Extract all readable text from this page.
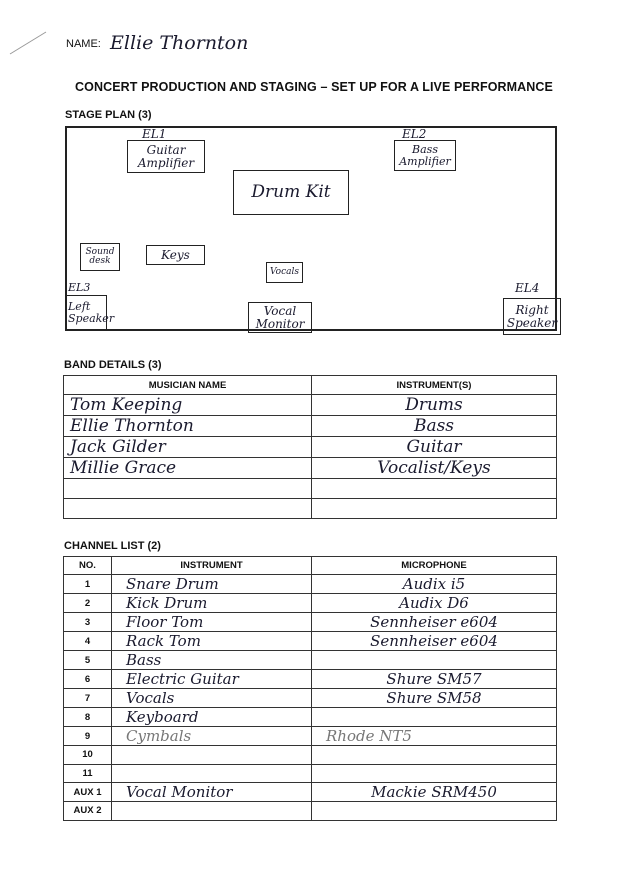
NAME: Ellie Thornton
CONCERT PRODUCTION AND STAGING – SET UP FOR A LIVE PERFORMANCE
STAGE PLAN (3)
EL1
Guitar Amplifier
EL2
Bass Amplifier
Drum Kit
Sound desk	Keys
Vocals
EL3
Left Speaker
Vocal Monitor
EL4
Right Speaker
BAND DETAILS (3)
MUSICIAN NAME	INSTRUMENT(S)
Tom Keeping	Drums
Ellie Thornton	Bass
Jack Gilder	Guitar
Millie Grace	Vocalist/Keys

CHANNEL LIST (2)
NO.	INSTRUMENT	MICROPHONE
1	Snare Drum	Audix i5
2	Kick Drum	Audix D6
3	Floor Tom	Sennheiser e604
4	Rack Tom	Sennheiser e604
5	Bass	
6	Electric Guitar	Shure SM57
7	Vocals	Shure SM58
8	Keyboard	
9	Cymbals	Rhode NT5
10		
11		
AUX 1	Vocal Monitor	Mackie SRM450
AUX 2		
